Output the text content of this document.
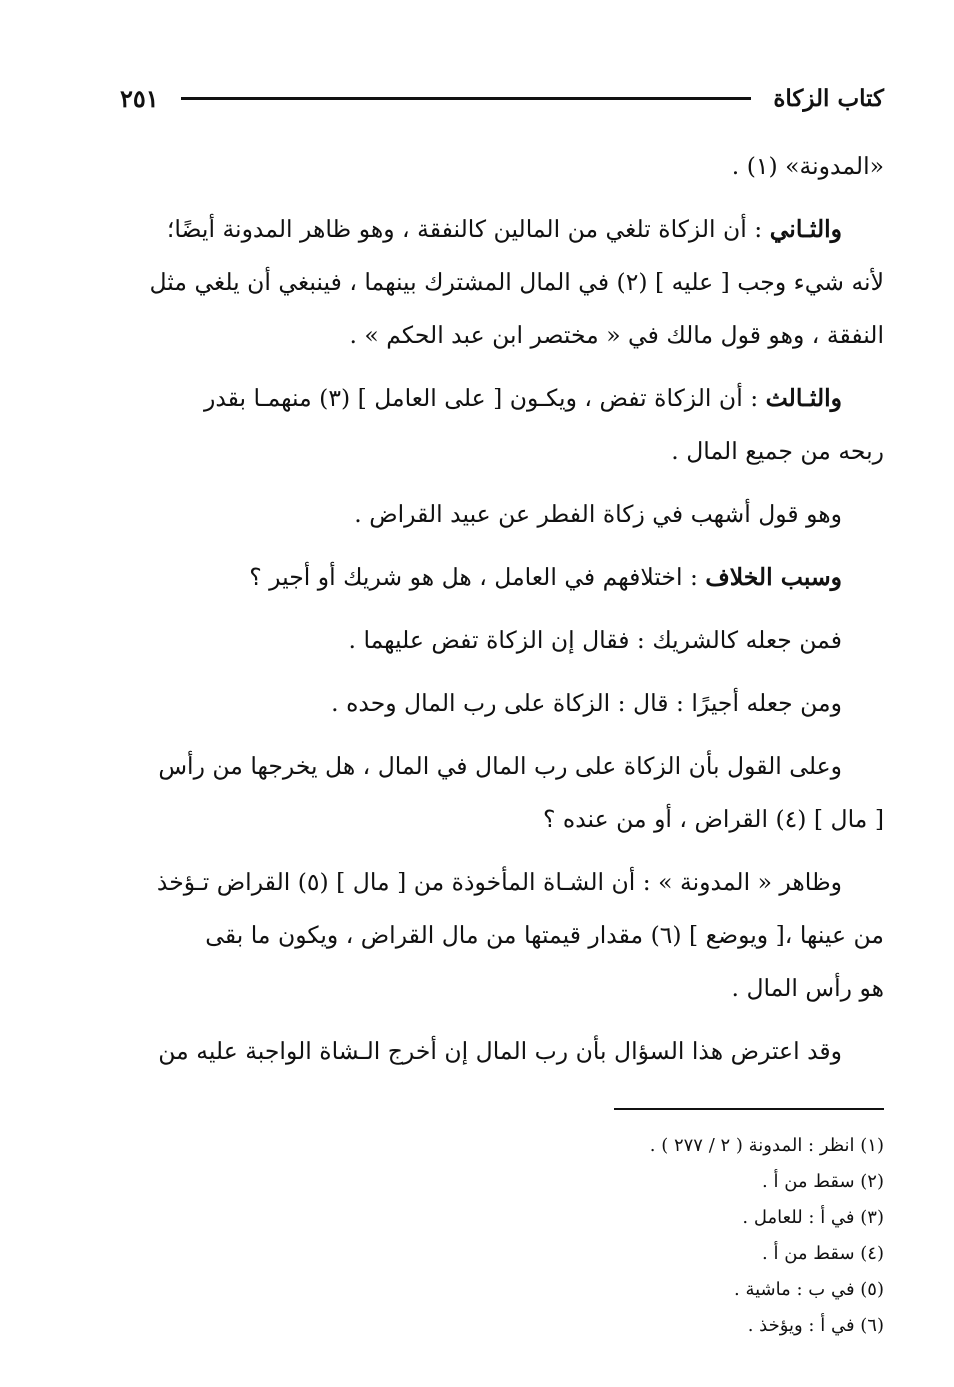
كتاب الزكاة
٢٥١
«المدونة» (١) .
والثـاني : أن الزكاة تلغي من المالين كالنفقة ، وهو ظاهر المدونة أيضًا؛
لأنه شيء وجب [ عليه ] (٢) في المال المشترك بينهما ، فينبغي أن يلغي مثل
النفقة ، وهو قول مالك في « مختصر ابن عبد الحكم » .
والثـالث : أن الزكاة تفض ، ويكـون [ على العامل ] (٣) منهمـا بقدر
ربحه من جميع المال .
وهو قول أشهب في زكاة الفطر عن عبيد القراض .
وسبب الخلاف : اختلافهم في العامل ، هل هو شريك أو أجير ؟
فمن جعله كالشريك : فقال إن الزكاة تفض عليهما .
ومن جعله أجيرًا : قال : الزكاة على رب المال وحده .
وعلى القول بأن الزكاة على رب المال في المال ، هل يخرجها من رأس
[ مال ] (٤) القراض ، أو من عنده ؟
وظاهر « المدونة » : أن الشـاة المأخوذة من [ مال ] (٥) القراض تـؤخذ
من عينها ،[ ويوضع ] (٦) مقدار قيمتها من مال القراض ، ويكون ما بقى
هو رأس المال .
وقد اعترض هذا السؤال بأن رب المال إن أخرج الـشاة الواجبة عليه من
(١) انظر : المدونة ( ٢ / ٢٧٧ ) .
(٢) سقط من أ .
(٣) في أ : للعامل .
(٤) سقط من أ .
(٥) في ب : ماشية .
(٦) في أ : ويؤخذ .
